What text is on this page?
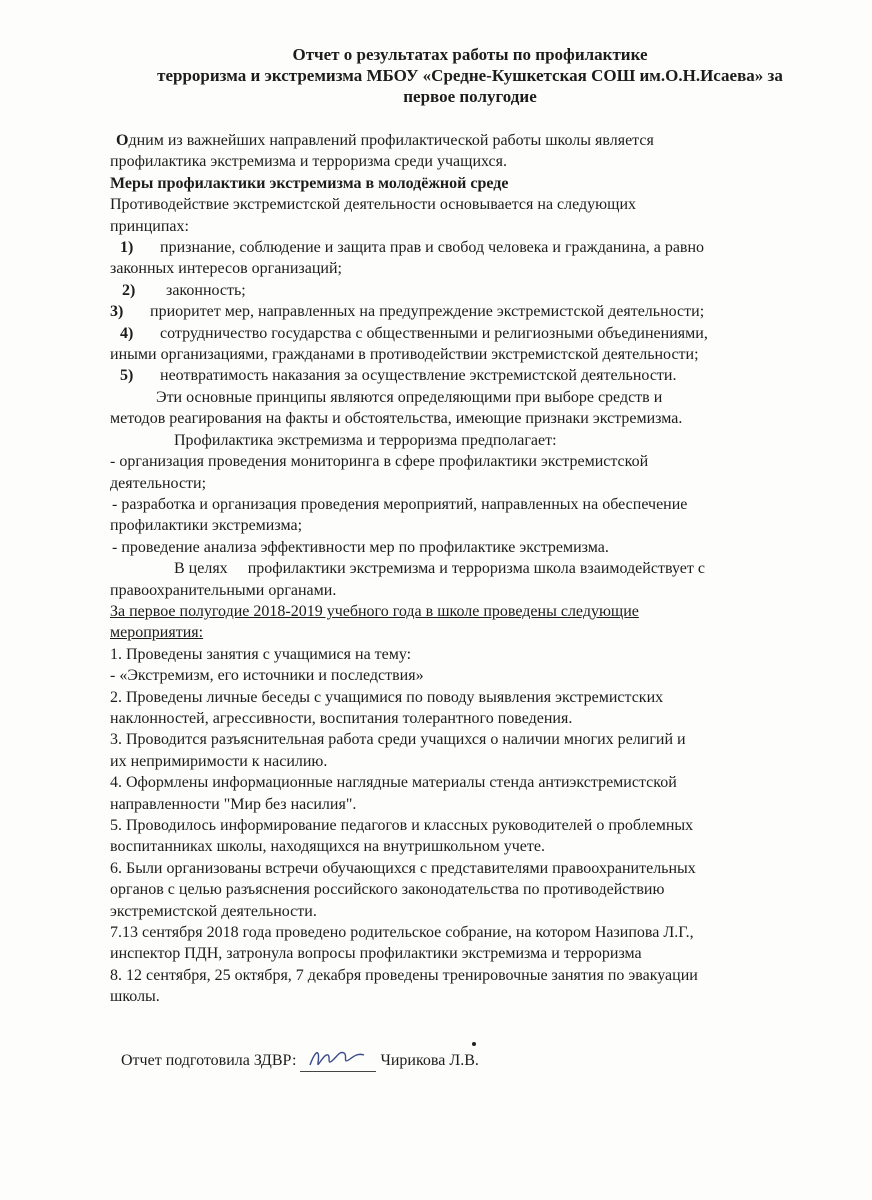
Отчет о результатах работы по профилактике
терроризма и экстремизма МБОУ «Средне-Кушкетская СОШ им.О.Н.Исаева» за
первое полугодие
Одним из важнейших направлений профилактической работы школы является
профилактика экстремизма и терроризма среди учащихся.
Меры профилактики экстремизма в молодёжной среде
Противодействие экстремистской деятельности основывается на следующих
принципах:
1) признание, соблюдение и защита прав и свобод человека и гражданина, а равно
законных интересов организаций;
2) законность;
3) приоритет мер, направленных на предупреждение экстремистской деятельности;
4) сотрудничество государства с общественными и религиозными объединениями,
иными организациями, гражданами в противодействии экстремистской деятельности;
5) неотвратимость наказания за осуществление экстремистской деятельности.
Эти основные принципы являются определяющими при выборе средств и
методов реагирования на факты и обстоятельства, имеющие признаки экстремизма.
Профилактика экстремизма и терроризма предполагает:
- организация проведения мониторинга в сфере профилактики экстремистской
деятельности;
- разработка и организация проведения мероприятий, направленных на обеспечение
профилактики экстремизма;
- проведение анализа эффективности мер по профилактике экстремизма.
В целях профилактики экстремизма и терроризма школа взаимодействует с
правоохранительными органами.
За первое полугодие 2018-2019 учебного года в школе проведены следующие
мероприятия:
1. Проведены занятия с учащимися на тему:
- «Экстремизм, его источники и последствия»
2. Проведены личные беседы с учащимися по поводу выявления экстремистских
наклонностей, агрессивности, воспитания толерантного поведения.
3. Проводится разъяснительная работа среди учащихся о наличии многих религий и
их непримиримости к насилию.
4. Оформлены информационные наглядные материалы стенда антиэкстремистской
направленности "Мир без насилия".
5. Проводилось информирование педагогов и классных руководителей о проблемных
воспитанниках школы, находящихся на внутришкольном учете.
6. Были организованы встречи обучающихся с представителями правоохранительных
органов с целью разъяснения российского законодательства по противодействию
экстремистской деятельности.
7.13 сентября 2018 года проведено родительское собрание, на котором Назипова Л.Г.,
инспектор ПДН, затронула вопросы профилактики экстремизма и терроризма
8. 12 сентября, 25 октября, 7 декабря проведены тренировочные занятия по эвакуации
школы.
Отчет подготовила ЗДВР:	Чирикова Л.В.
